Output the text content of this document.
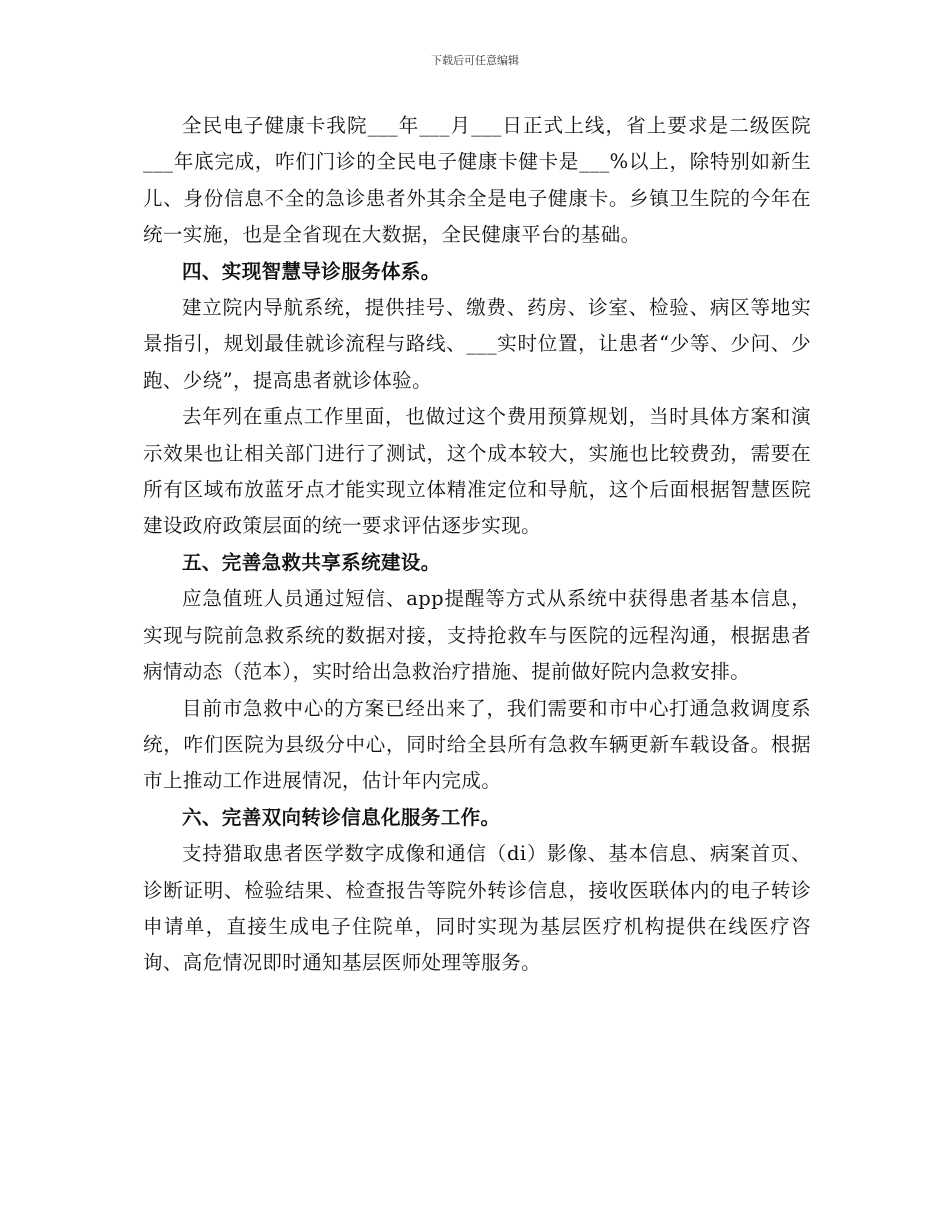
下载后可任意编辑

全民电子健康卡我院___年___月___日正式上线，省上要求是二级医院___年底完成，咋们门诊的全民电子健康卡健卡是___%以上，除特别如新生儿、身份信息不全的急诊患者外其余全是电子健康卡。乡镇卫生院的今年在统一实施，也是全省现在大数据，全民健康平台的基础。

四、实现智慧导诊服务体系。

建立院内导航系统，提供挂号、缴费、药房、诊室、检验、病区等地实景指引，规划最佳就诊流程与路线、___实时位置，让患者“少等、少问、少跑、少绕”，提高患者就诊体验。

去年列在重点工作里面，也做过这个费用预算规划，当时具体方案和演示效果也让相关部门进行了测试，这个成本较大，实施也比较费劲，需要在所有区域布放蓝牙点才能实现立体精准定位和导航，这个后面根据智慧医院建设政府政策层面的统一要求评估逐步实现。

五、完善急救共享系统建设。

应急值班人员通过短信、app提醒等方式从系统中获得患者基本信息，实现与院前急救系统的数据对接，支持抢救车与医院的远程沟通，根据患者病情动态（范本），实时给出急救治疗措施、提前做好院内急救安排。

目前市急救中心的方案已经出来了，我们需要和市中心打通急救调度系统，咋们医院为县级分中心，同时给全县所有急救车辆更新车载设备。根据市上推动工作进展情况，估计年内完成。

六、完善双向转诊信息化服务工作。

支持猎取患者医学数字成像和通信（di）影像、基本信息、病案首页、诊断证明、检验结果、检查报告等院外转诊信息，接收医联体内的电子转诊申请单，直接生成电子住院单，同时实现为基层医疗机构提供在线医疗咨询、高危情况即时通知基层医师处理等服务。
